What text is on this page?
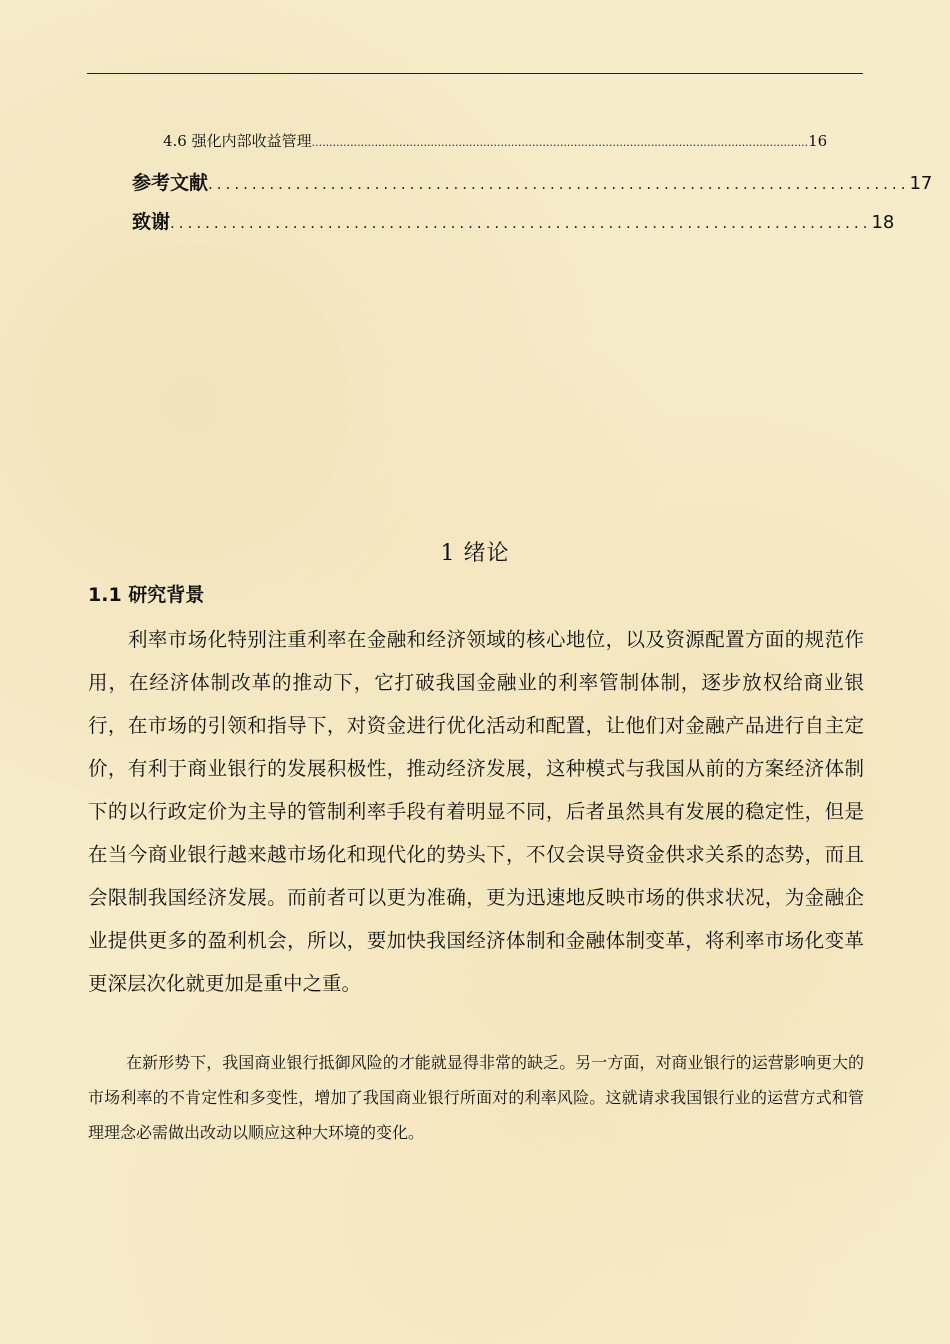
4.6 强化内部收益管理 .............................................................................................................................................. 16
参考文献 ................................................................................ 17
致谢 ................................................................................ 18
1 绪论
1.1 研究背景

利率市场化特别注重利率在金融和经济领域的核心地位，以及资源配置方面的规范作用，在经济体制改革的推动下，它打破我国金融业的利率管制体制，逐步放权给商业银行，在市场的引领和指导下，对资金进行优化活动和配置，让他们对金融产品进行自主定价，有利于商业银行的发展积极性，推动经济发展，这种模式与我国从前的方案经济体制下的以行政定价为主导的管制利率手段有着明显不同，后者虽然具有发展的稳定性，但是在当今商业银行越来越市场化和现代化的势头下，不仅会误导资金供求关系的态势，而且会限制我国经济发展。而前者可以更为准确，更为迅速地反映市场的供求状况，为金融企业提供更多的盈利机会，所以，要加快我国经济体制和金融体制变革，将利率市场化变革更深层次化就更加是重中之重。

在新形势下，我国商业银行抵御风险的才能就显得非常的缺乏。另一方面，对商业银行的运营影响更大的市场利率的不肯定性和多变性，增加了我国商业银行所面对的利率风险。这就请求我国银行业的运营方式和管理理念必需做出改动以顺应这种大环境的变化。
